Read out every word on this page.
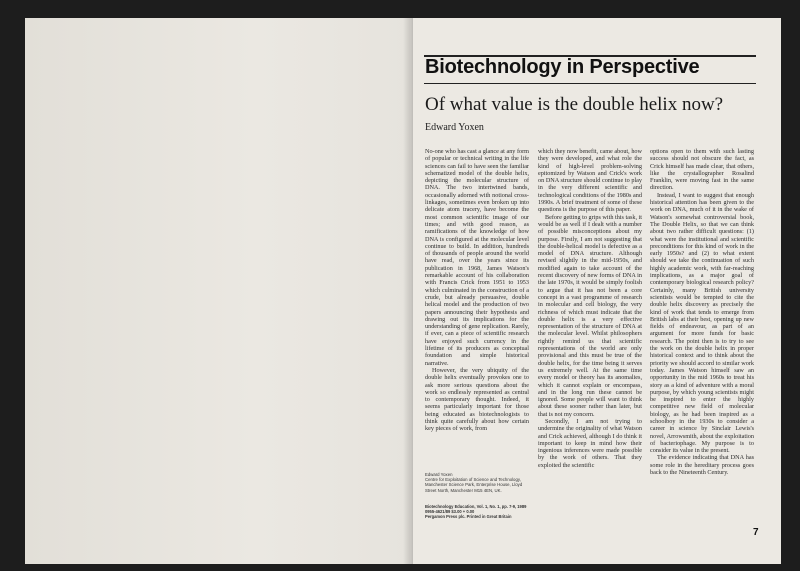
Biotechnology in Perspective
Of what value is the double helix now?
Edward Yoxen

No-one who has cast a glance at any form of popular or technical writing in the life sciences can fail to have seen the familiar schematized model of the double helix, depicting the molecular structure of DNA. The two intertwined bands, occasionally adorned with notional cross-linkages, sometimes even broken up into delicate atom tracery, have become the most common scientific image of our times; and with good reason, as ramifications of the knowledge of how DNA is configured at the molecular level continue to build. In addition, hundreds of thousands of people around the world have read, over the years since its publication in 1968, James Watson's remarkable account of his collaboration with Francis Crick from 1951 to 1953 which culminated in the construction of a crude, but already persuasive, double helical model and the production of two papers announcing their hypothesis and drawing out its implications for the understanding of gene replication. Rarely, if ever, can a piece of scientific research have enjoyed such currency in the lifetime of its producers as conceptual foundation and simple historical narrative.

However, the very ubiquity of the double helix eventually provokes one to ask more serious questions about the work so endlessly represented as central to contemporary thought. Indeed, it seems particularly important for those being educated as biotechnologists to think quite carefully about how certain key pieces of work, from

Edward Yoxen
Centre for Exploitation of Science and Technology,
Manchester Science Park, Enterprise House, Lloyd
Street North, Manchester M15 4EN, UK.
Biotechnology Education, Vol. 1, No. 1, pp. 7-9, 1989
0955-4621/89 $3.00 + 0.00
Pergamon Press plc. Printed in Great Britain

which they now benefit, came about, how they were developed, and what role the kind of high-level problem-solving epitomized by Watson and Crick's work on DNA structure should continue to play in the very different scientific and technological conditions of the 1980s and 1990s. A brief treatment of some of these questions is the purpose of this paper.

Before getting to grips with this task, it would be as well if I dealt with a number of possible misconceptions about my purpose. Firstly, I am not suggesting that the double-helical model is defective as a model of DNA structure. Although revised slightly in the mid-1950s, and modified again to take account of the recent discovery of new forms of DNA in the late 1970s, it would be simply foolish to argue that it has not been a core concept in a vast programme of research in molecular and cell biology, the very richness of which must indicate that the double helix is a very effective representation of the structure of DNA at the molecular level. Whilst philosophers rightly remind us that scientific representations of the world are only provisional and this must be true of the double helix, for the time being it serves us extremely well. At the same time every model or theory has its anomalies, which it cannot explain or encompass, and in the long run these cannot be ignored. Some people will want to think about these sooner rather than later, but that is not my concern.

Secondly, I am not trying to undermine the originality of what Watson and Crick achieved, although I do think it important to keep in mind how their ingenious inferences were made possible by the work of others. That they exploited the scientific

options open to them with such lasting success should not obscure the fact, as Crick himself has made clear, that others, like the crystallographer Rosalind Franklin, were moving fast in the same direction.

Instead, I want to suggest that enough historical attention has been given to the work on DNA, much of it in the wake of Watson's somewhat controversial book, The Double Helix, so that we can think about two rather difficult questions: (1) what were the institutional and scientific preconditions for this kind of work in the early 1950s? and (2) to what extent should we take the continuation of such highly academic work, with far-reaching implications, as a major goal of contemporary biological research policy? Certainly, many British university scientists would be tempted to cite the double helix discovery as precisely the kind of work that tends to emerge from British labs at their best, opening up new fields of endeavour, as part of an argument for more funds for basic research. The point then is to try to see the work on the double helix in proper historical context and to think about the priority we should accord to similar work today. James Watson himself saw an opportunity in the mid 1960s to treat his story as a kind of adventure with a moral purpose, by which young scientists might be inspired to enter the highly competitive new field of molecular biology, as he had been inspired as a schoolboy in the 1930s to consider a career in science by Sinclair Lewis's novel, Arrowsmith, about the exploitation of bacteriophage. My purpose is to consider its value in the present.

The evidence indicating that DNA has some role in the hereditary process goes back to the Nineteenth Century.

7
